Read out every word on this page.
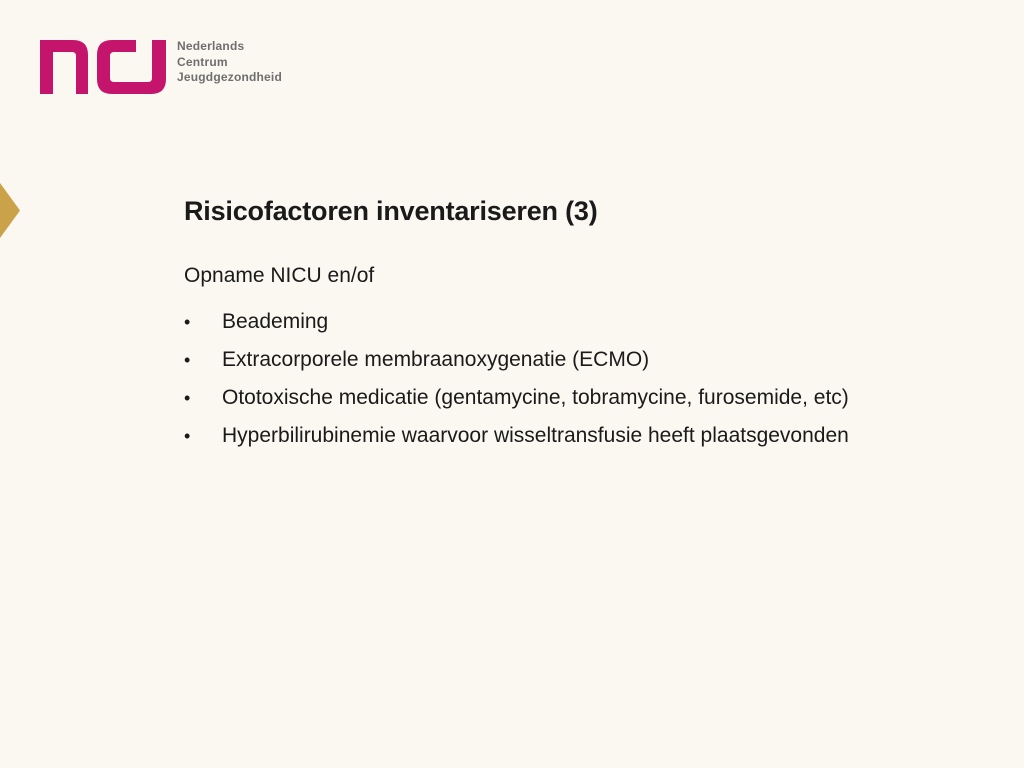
Nederlands
Centrum
Jeugdgezondheid
Risicofactoren inventariseren (3)

Opname NICU en/of

• Beademing
• Extracorporele membraanoxygenatie (ECMO)
• Ototoxische medicatie (gentamycine, tobramycine, furosemide, etc)
• Hyperbilirubinemie waarvoor wisseltransfusie heeft plaatsgevonden
